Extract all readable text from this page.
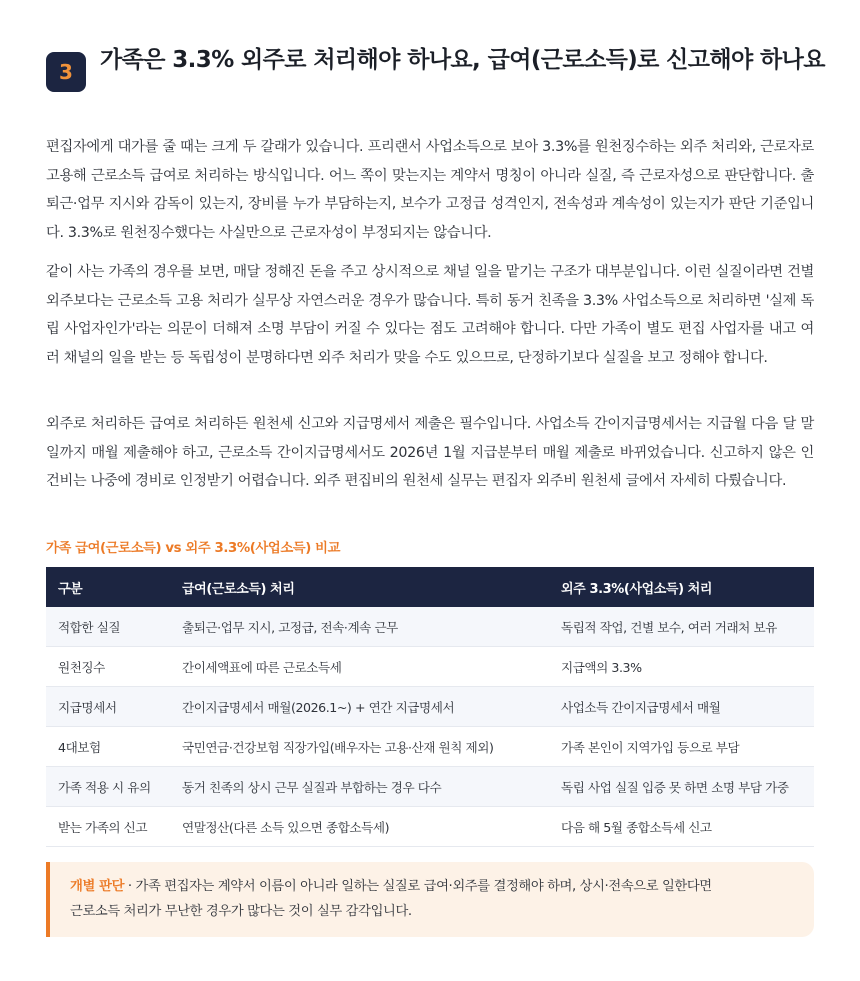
3	가족은 3.3% 외주로 처리해야 하나요, 급여(근로소득)로 신고해야 하나요

편집자에게 대가를 줄 때는 크게 두 갈래가 있습니다. 프리랜서 사업소득으로 보아 3.3%를 원천징수하는 외주 처리와, 근로자로 고용해 근로소득 급여로 처리하는 방식입니다. 어느 쪽이 맞는지는 계약서 명칭이 아니라 실질, 즉 근로자성으로 판단합니다. 출퇴근·업무 지시와 감독이 있는지, 장비를 누가 부담하는지, 보수가 고정급 성격인지, 전속성과 계속성이 있는지가 판단 기준입니다. 3.3%로 원천징수했다는 사실만으로 근로자성이 부정되지는 않습니다.

같이 사는 가족의 경우를 보면, 매달 정해진 돈을 주고 상시적으로 채널 일을 맡기는 구조가 대부분입니다. 이런 실질이라면 건별 외주보다는 근로소득 고용 처리가 실무상 자연스러운 경우가 많습니다. 특히 동거 친족을 3.3% 사업소득으로 처리하면 '실제 독립 사업자인가'라는 의문이 더해져 소명 부담이 커질 수 있다는 점도 고려해야 합니다. 다만 가족이 별도 편집 사업자를 내고 여러 채널의 일을 받는 등 독립성이 분명하다면 외주 처리가 맞을 수도 있으므로, 단정하기보다 실질을 보고 정해야 합니다.

외주로 처리하든 급여로 처리하든 원천세 신고와 지급명세서 제출은 필수입니다. 사업소득 간이지급명세서는 지급월 다음 달 말일까지 매월 제출해야 하고, 근로소득 간이지급명세서도 2026년 1월 지급분부터 매월 제출로 바뀌었습니다. 신고하지 않은 인건비는 나중에 경비로 인정받기 어렵습니다. 외주 편집비의 원천세 실무는 편집자 외주비 원천세 글에서 자세히 다뤘습니다.

가족 급여(근로소득) vs 외주 3.3%(사업소득) 비교
구분	급여(근로소득) 처리	외주 3.3%(사업소득) 처리
적합한 실질	출퇴근·업무 지시, 고정급, 전속·계속 근무	독립적 작업, 건별 보수, 여러 거래처 보유
원천징수	간이세액표에 따른 근로소득세	지급액의 3.3%
지급명세서	간이지급명세서 매월(2026.1~) + 연간 지급명세서	사업소득 간이지급명세서 매월
4대보험	국민연금·건강보험 직장가입(배우자는 고용·산재 원칙 제외)	가족 본인이 지역가입 등으로 부담
가족 적용 시 유의	동거 친족의 상시 근무 실질과 부합하는 경우 다수	독립 사업 실질 입증 못 하면 소명 부담 가중
받는 가족의 신고	연말정산(다른 소득 있으면 종합소득세)	다음 해 5월 종합소득세 신고

개별 판단 · 가족 편집자는 계약서 이름이 아니라 일하는 실질로 급여·외주를 결정해야 하며, 상시·전속으로 일한다면

근로소득 처리가 무난한 경우가 많다는 것이 실무 감각입니다.
